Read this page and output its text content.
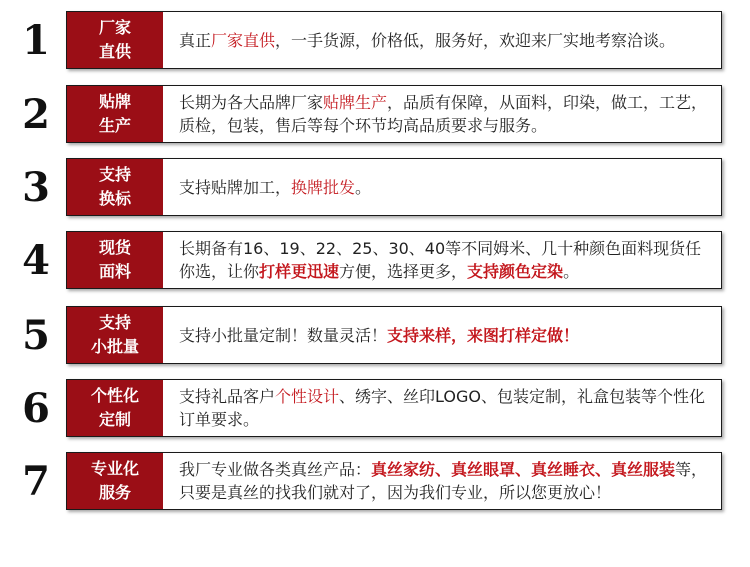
1	厂家
直供
真正厂家直供，一手货源，价格低，服务好，欢迎来厂实地考察洽谈。
2	贴牌
生产
长期为各大品牌厂家贴牌生产，品质有保障，从面料，印染，做工，工艺，质检，包装，售后等每个环节均高品质要求与服务。
3	支持
换标
支持贴牌加工，换牌批发。
4	现货
面料
长期备有16、19、22、25、30、40等不同姆米、几十种颜色面料现货任你选，让你打样更迅速方便，选择更多，支持颜色定染。
5	支持
小批量
支持小批量定制！数量灵活！支持来样，来图打样定做！
6	个性化
定制
支持礼品客户个性设计、绣字、丝印LOGO、包装定制，礼盒包装等个性化订单要求。
7	专业化
服务
我厂专业做各类真丝产品：真丝家纺、真丝眼罩、真丝睡衣、真丝服装等，只要是真丝的找我们就对了，因为我们专业，所以您更放心！
